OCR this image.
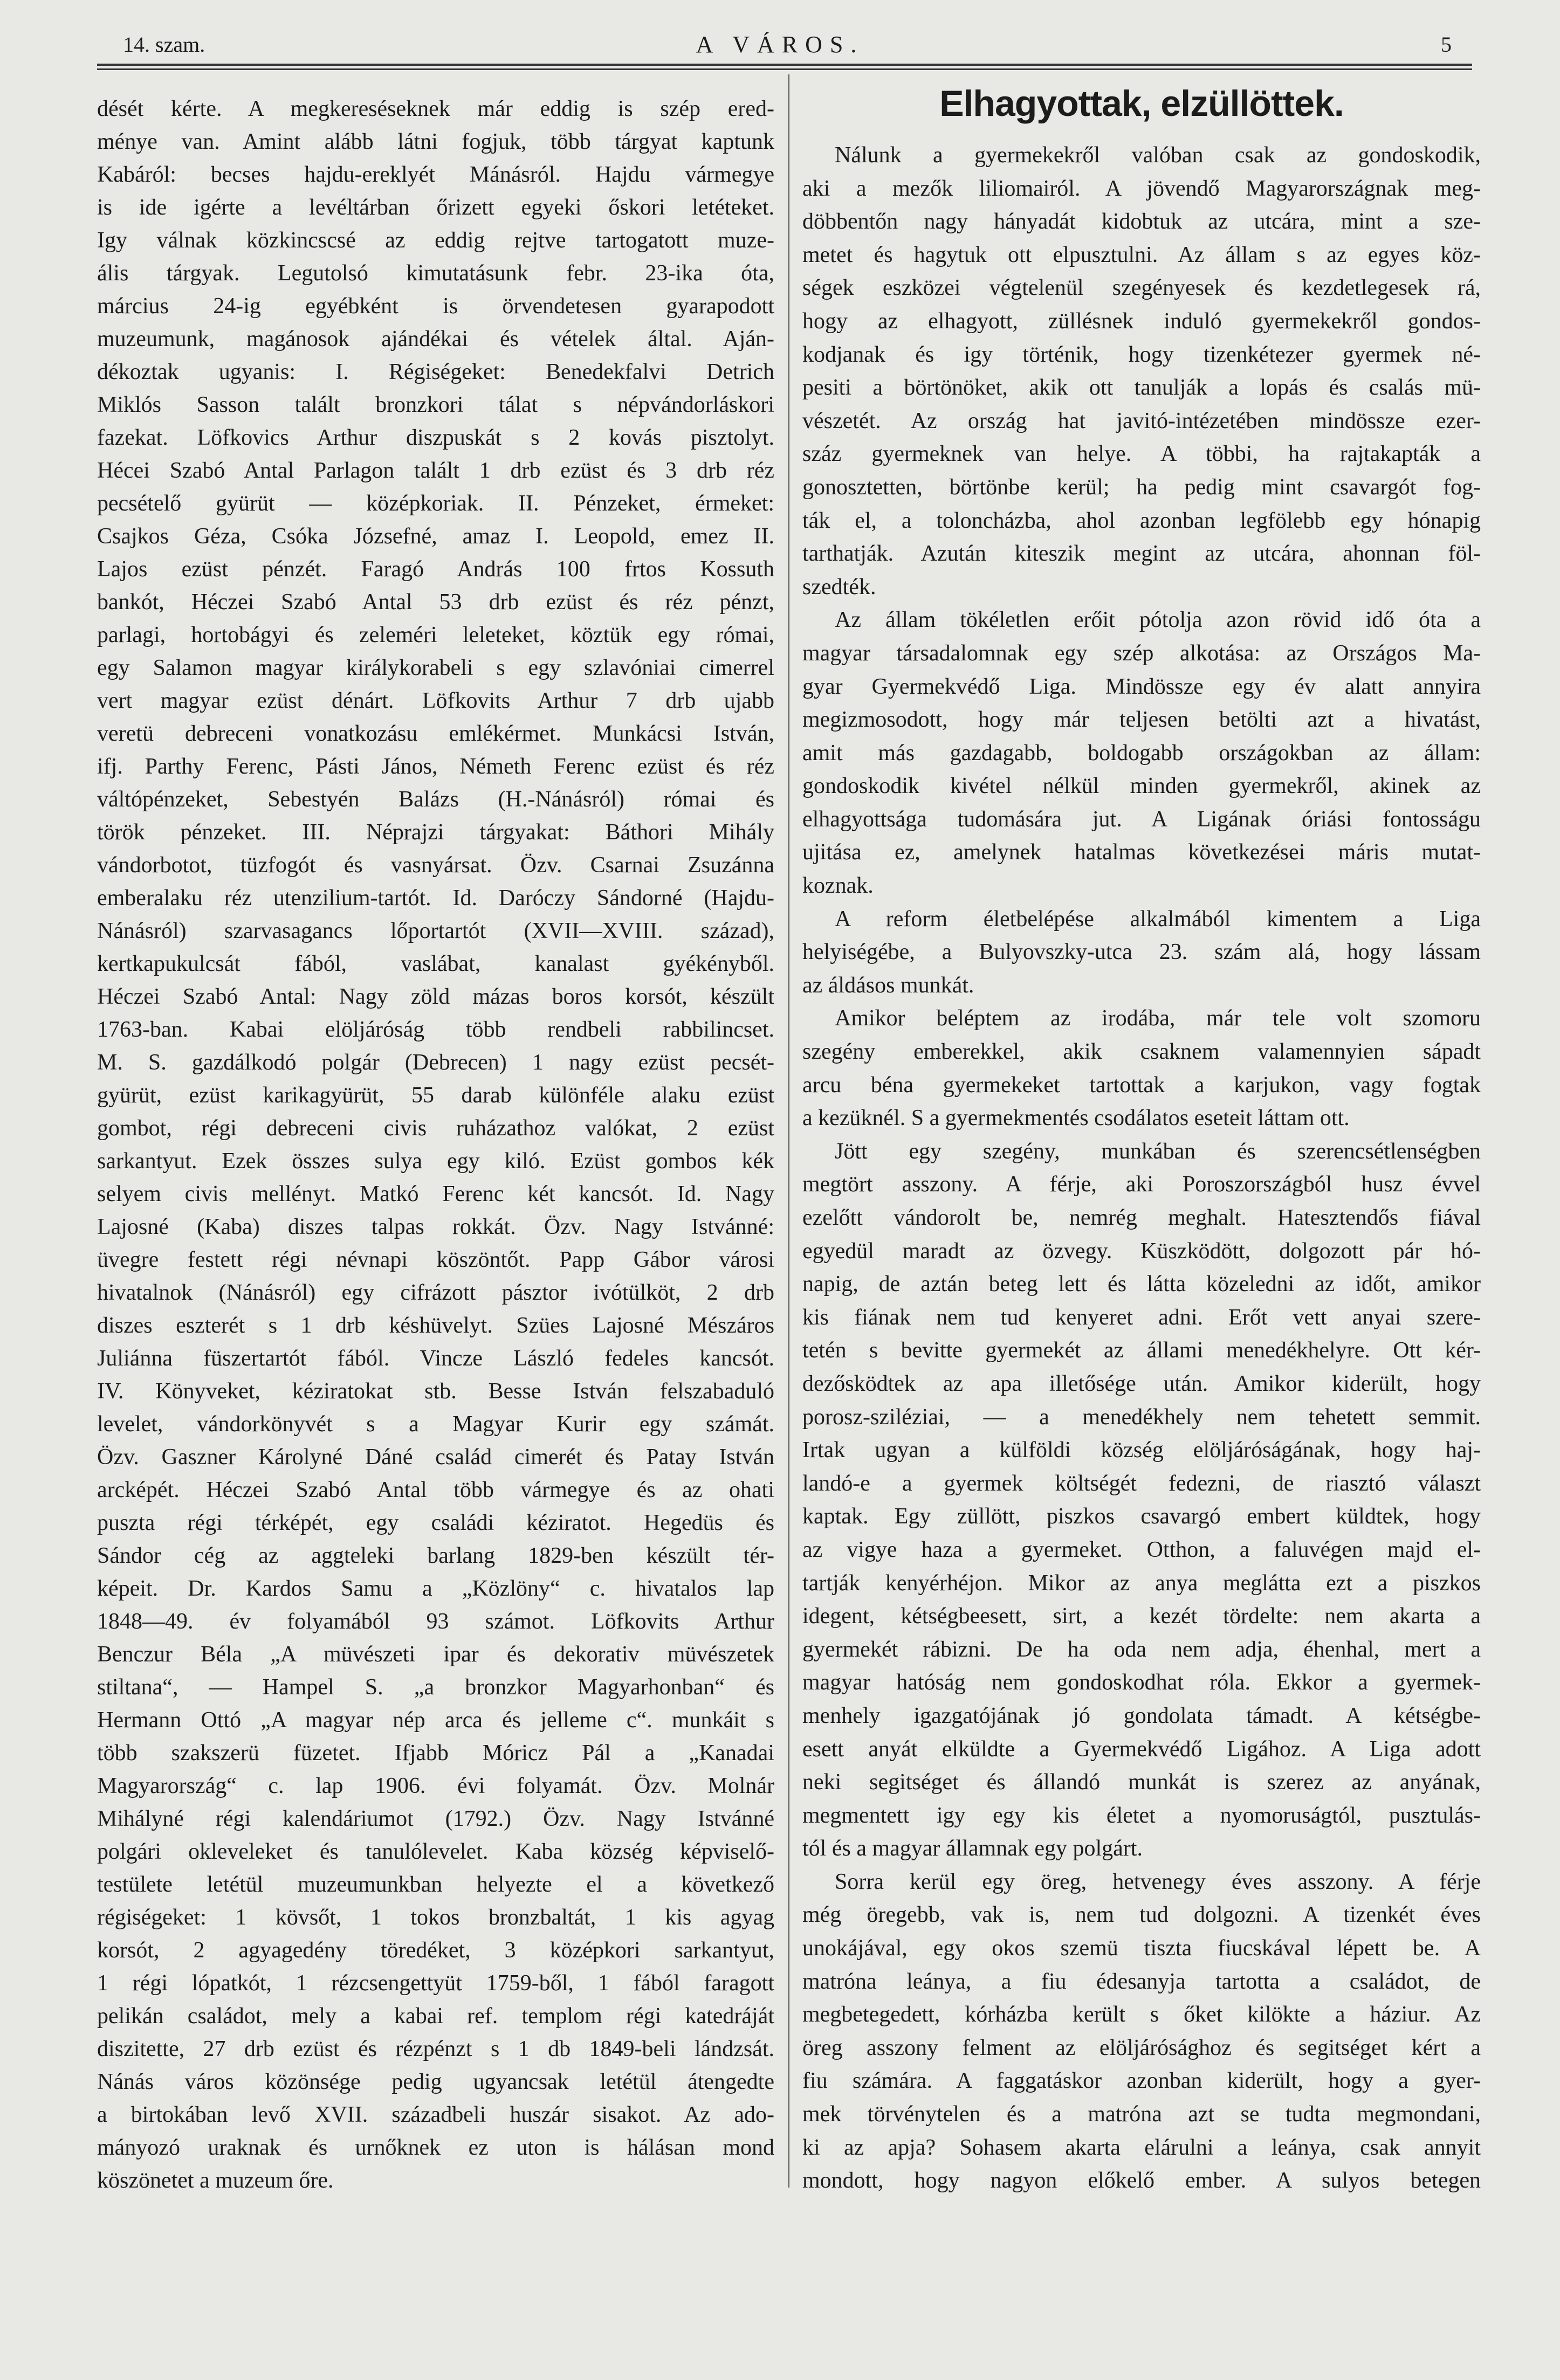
14. szam.	A VÁROS.	5
dését kérte. A megkereséseknek már eddig is szép ered-
ménye van. Amint alább látni fogjuk, több tárgyat kaptunk
Kabáról: becses hajdu-ereklyét Mánásról. Hajdu vármegye
is ide igérte a levéltárban őrizett egyeki őskori letéteket.
Igy válnak közkincscsé az eddig rejtve tartogatott muze-
ális tárgyak. Legutolsó kimutatásunk febr. 23-ika óta,
március 24-ig egyébként is örvendetesen gyarapodott
muzeumunk, magánosok ajándékai és vételek által. Aján-
dékoztak ugyanis: I. Régiségeket: Benedekfalvi Detrich
Miklós Sasson talált bronzkori tálat s népvándorláskori
fazekat. Löfkovics Arthur diszpuskát s 2 kovás pisztolyt.
Hécei Szabó Antal Parlagon talált 1 drb ezüst és 3 drb réz
pecsételő gyürüt — középkoriak. II. Pénzeket, érmeket:
Csajkos Géza, Csóka Józsefné, amaz I. Leopold, emez II.
Lajos ezüst pénzét. Faragó András 100 frtos Kossuth
bankót, Héczei Szabó Antal 53 drb ezüst és réz pénzt,
parlagi, hortobágyi és zeleméri leleteket, köztük egy római,
egy Salamon magyar királykorabeli s egy szlavóniai cimerrel
vert magyar ezüst dénárt. Löfkovits Arthur 7 drb ujabb
veretü debreceni vonatkozásu emlékérmet. Munkácsi István,
ifj. Parthy Ferenc, Pásti János, Németh Ferenc ezüst és réz
váltópénzeket, Sebestyén Balázs (H.-Nánásról) római és
török pénzeket. III. Néprajzi tárgyakat: Báthori Mihály
vándorbotot, tüzfogót és vasnyársat. Özv. Csarnai Zsuzánna
emberalaku réz utenzilium-tartót. Id. Daróczy Sándorné (Hajdu-
Nánásról) szarvasagancs lőportartót (XVII—XVIII. század),
kertkapukulcsát fából, vaslábat, kanalast gyékényből.
Héczei Szabó Antal: Nagy zöld mázas boros korsót, készült
1763-ban. Kabai elöljáróság több rendbeli rabbilincset.
M. S. gazdálkodó polgár (Debrecen) 1 nagy ezüst pecsét-
gyürüt, ezüst karikagyürüt, 55 darab különféle alaku ezüst
gombot, régi debreceni civis ruházathoz valókat, 2 ezüst
sarkantyut. Ezek összes sulya egy kiló. Ezüst gombos kék
selyem civis mellényt. Matkó Ferenc két kancsót. Id. Nagy
Lajosné (Kaba) diszes talpas rokkát. Özv. Nagy Istvánné:
üvegre festett régi névnapi köszöntőt. Papp Gábor városi
hivatalnok (Nánásról) egy cifrázott pásztor ivótülköt, 2 drb
diszes eszterét s 1 drb késhüvelyt. Szües Lajosné Mészáros
Juliánna füszertartót fából. Vincze László fedeles kancsót.
IV. Könyveket, kéziratokat stb. Besse István felszabaduló
levelet, vándorkönyvét s a Magyar Kurir egy számát.
Özv. Gaszner Károlyné Dáné család cimerét és Patay István
arcképét. Héczei Szabó Antal több vármegye és az ohati
puszta régi térképét, egy családi kéziratot. Hegedüs és
Sándor cég az aggteleki barlang 1829-ben készült tér-
képeit. Dr. Kardos Samu a „Közlöny“ c. hivatalos lap
1848—49. év folyamából 93 számot. Löfkovits Arthur
Benczur Béla „A müvészeti ipar és dekorativ müvészetek
stiltana“, — Hampel S. „a bronzkor Magyarhonban“ és
Hermann Ottó „A magyar nép arca és jelleme c“. munkáit s
több szakszerü füzetet. Ifjabb Móricz Pál a „Kanadai
Magyarország“ c. lap 1906. évi folyamát. Özv. Molnár
Mihályné régi kalendáriumot (1792.) Özv. Nagy Istvánné
polgári okleveleket és tanulólevelet. Kaba község képviselő-
testülete letétül muzeumunkban helyezte el a következő
régiségeket: 1 kövsőt, 1 tokos bronzbaltát, 1 kis agyag
korsót, 2 agyagedény töredéket, 3 középkori sarkantyut,
1 régi lópatkót, 1 rézcsengettyüt 1759-ből, 1 fából faragott
pelikán családot, mely a kabai ref. templom régi katedráját
diszitette, 27 drb ezüst és rézpénzt s 1 db 1849-beli lándzsát.
Nánás város közönsége pedig ugyancsak letétül átengedte
a birtokában levő XVII. századbeli huszár sisakot. Az ado-
mányozó uraknak és urnőknek ez uton is hálásan mond
köszönetet a muzeum őre.
Elhagyottak, elzüllöttek.
Nálunk a gyermekekről valóban csak az gondoskodik,
aki a mezők liliomairól. A jövendő Magyarországnak meg-
döbbentőn nagy hányadát kidobtuk az utcára, mint a sze-
metet és hagytuk ott elpusztulni. Az állam s az egyes köz-
ségek eszközei végtelenül szegényesek és kezdetlegesek rá,
hogy az elhagyott, züllésnek induló gyermekekről gondos-
kodjanak és igy történik, hogy tizenkétezer gyermek né-
pesiti a börtönöket, akik ott tanulják a lopás és csalás mü-
vészetét. Az ország hat javitó-intézetében mindössze ezer-
száz gyermeknek van helye. A többi, ha rajtakapták a
gonosztetten, börtönbe kerül; ha pedig mint csavargót fog-
ták el, a toloncházba, ahol azonban legfölebb egy hónapig
tarthatják. Azután kiteszik megint az utcára, ahonnan föl-
szedték.
Az állam tökéletlen erőit pótolja azon rövid idő óta a
magyar társadalomnak egy szép alkotása: az Országos Ma-
gyar Gyermekvédő Liga. Mindössze egy év alatt annyira
megizmosodott, hogy már teljesen betölti azt a hivatást,
amit más gazdagabb, boldogabb országokban az állam:
gondoskodik kivétel nélkül minden gyermekről, akinek az
elhagyottsága tudomására jut. A Ligának óriási fontosságu
ujitása ez, amelynek hatalmas következései máris mutat-
koznak.
A reform életbelépése alkalmából kimentem a Liga
helyiségébe, a Bulyovszky-utca 23. szám alá, hogy lássam
az áldásos munkát.
Amikor beléptem az irodába, már tele volt szomoru
szegény emberekkel, akik csaknem valamennyien sápadt
arcu béna gyermekeket tartottak a karjukon, vagy fogtak
a kezüknél. S a gyermekmentés csodálatos eseteit láttam ott.
Jött egy szegény, munkában és szerencsétlenségben
megtört asszony. A férje, aki Poroszországból husz évvel
ezelőtt vándorolt be, nemrég meghalt. Hatesztendős fiával
egyedül maradt az özvegy. Küszködött, dolgozott pár hó-
napig, de aztán beteg lett és látta közeledni az időt, amikor
kis fiának nem tud kenyeret adni. Erőt vett anyai szere-
tetén s bevitte gyermekét az állami menedékhelyre. Ott kér-
dezősködtek az apa illetősége után. Amikor kiderült, hogy
porosz-sziléziai, — a menedékhely nem tehetett semmit.
Irtak ugyan a külföldi község elöljáróságának, hogy haj-
landó-e a gyermek költségét fedezni, de riasztó választ
kaptak. Egy züllött, piszkos csavargó embert küldtek, hogy
az vigye haza a gyermeket. Otthon, a faluvégen majd el-
tartják kenyérhéjon. Mikor az anya meglátta ezt a piszkos
idegent, kétségbeesett, sirt, a kezét tördelte: nem akarta a
gyermekét rábizni. De ha oda nem adja, éhenhal, mert a
magyar hatóság nem gondoskodhat róla. Ekkor a gyermek-
menhely igazgatójának jó gondolata támadt. A kétségbe-
esett anyát elküldte a Gyermekvédő Ligához. A Liga adott
neki segitséget és állandó munkát is szerez az anyának,
megmentett igy egy kis életet a nyomoruságtól, pusztulás-
tól és a magyar államnak egy polgárt.
Sorra kerül egy öreg, hetvenegy éves asszony. A férje
még öregebb, vak is, nem tud dolgozni. A tizenkét éves
unokájával, egy okos szemü tiszta fiucskával lépett be. A
matróna leánya, a fiu édesanyja tartotta a családot, de
megbetegedett, kórházba került s őket kilökte a háziur. Az
öreg asszony felment az elöljárósághoz és segitséget kért a
fiu számára. A faggatáskor azonban kiderült, hogy a gyer-
mek törvénytelen és a matróna azt se tudta megmondani,
ki az apja? Sohasem akarta elárulni a leánya, csak annyit
mondott, hogy nagyon előkelő ember. A sulyos betegen
